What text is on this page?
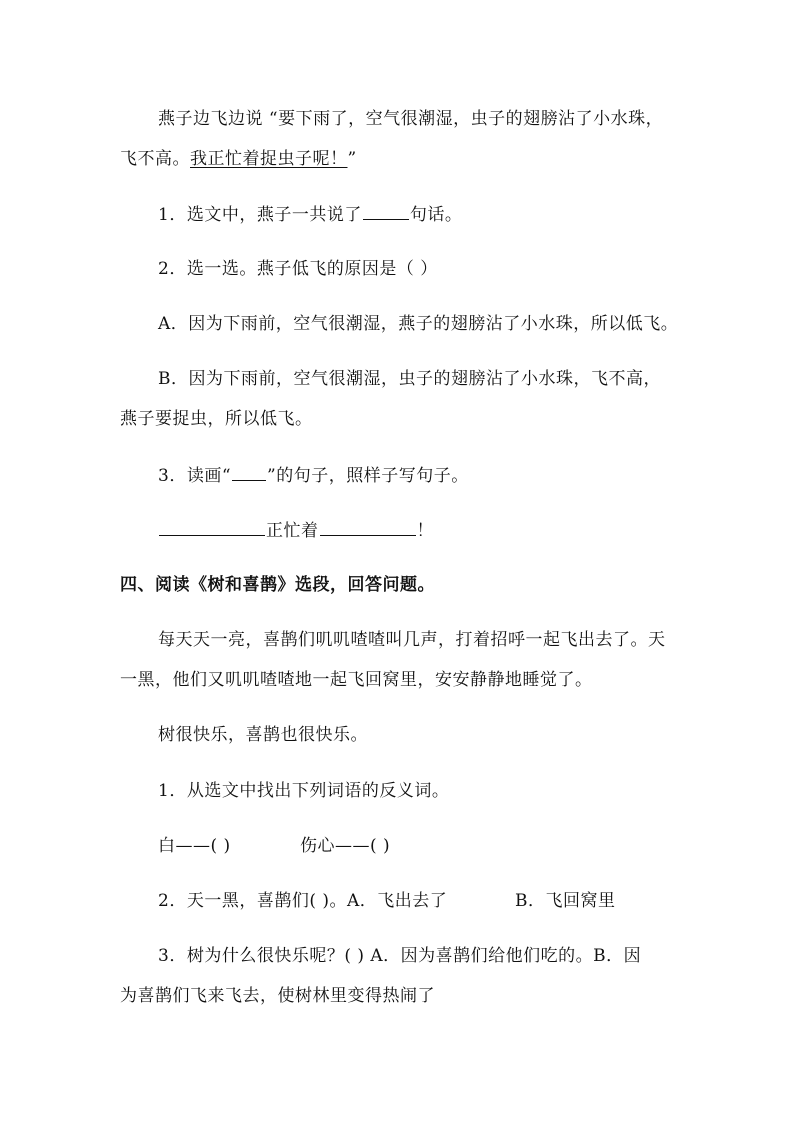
燕子边飞边说 “要下雨了，空气很潮湿，虫子的翅膀沾了小水珠，
飞不高。我正忙着捉虫子呢！”
1．选文中，燕子一共说了	句话。
2．选一选。燕子低飞的原因是（ ）
A．因为下雨前，空气很潮湿，燕子的翅膀沾了小水珠，所以低飞。
B．因为下雨前，空气很潮湿，虫子的翅膀沾了小水珠，飞不高，
燕子要捉虫，所以低飞。
3．读画“ ”的句子，照样子写句子。
正忙着	！
四、阅读《树和喜鹊》选段，回答问题。
每天天一亮，喜鹊们叽叽喳喳叫几声，打着招呼一起飞出去了。天
一黑，他们又叽叽喳喳地一起飞回窝里，安安静静地睡觉了。
树很快乐，喜鹊也很快乐。
1．从选文中找出下列词语的反义词。
白——( )	伤心——( )
2．天一黑，喜鹊们( )。A．飞出去了	B．飞回窝里
3．树为什么很快乐呢？( ) A．因为喜鹊们给他们吃的。B．因
为喜鹊们飞来飞去，使树林里变得热闹了
